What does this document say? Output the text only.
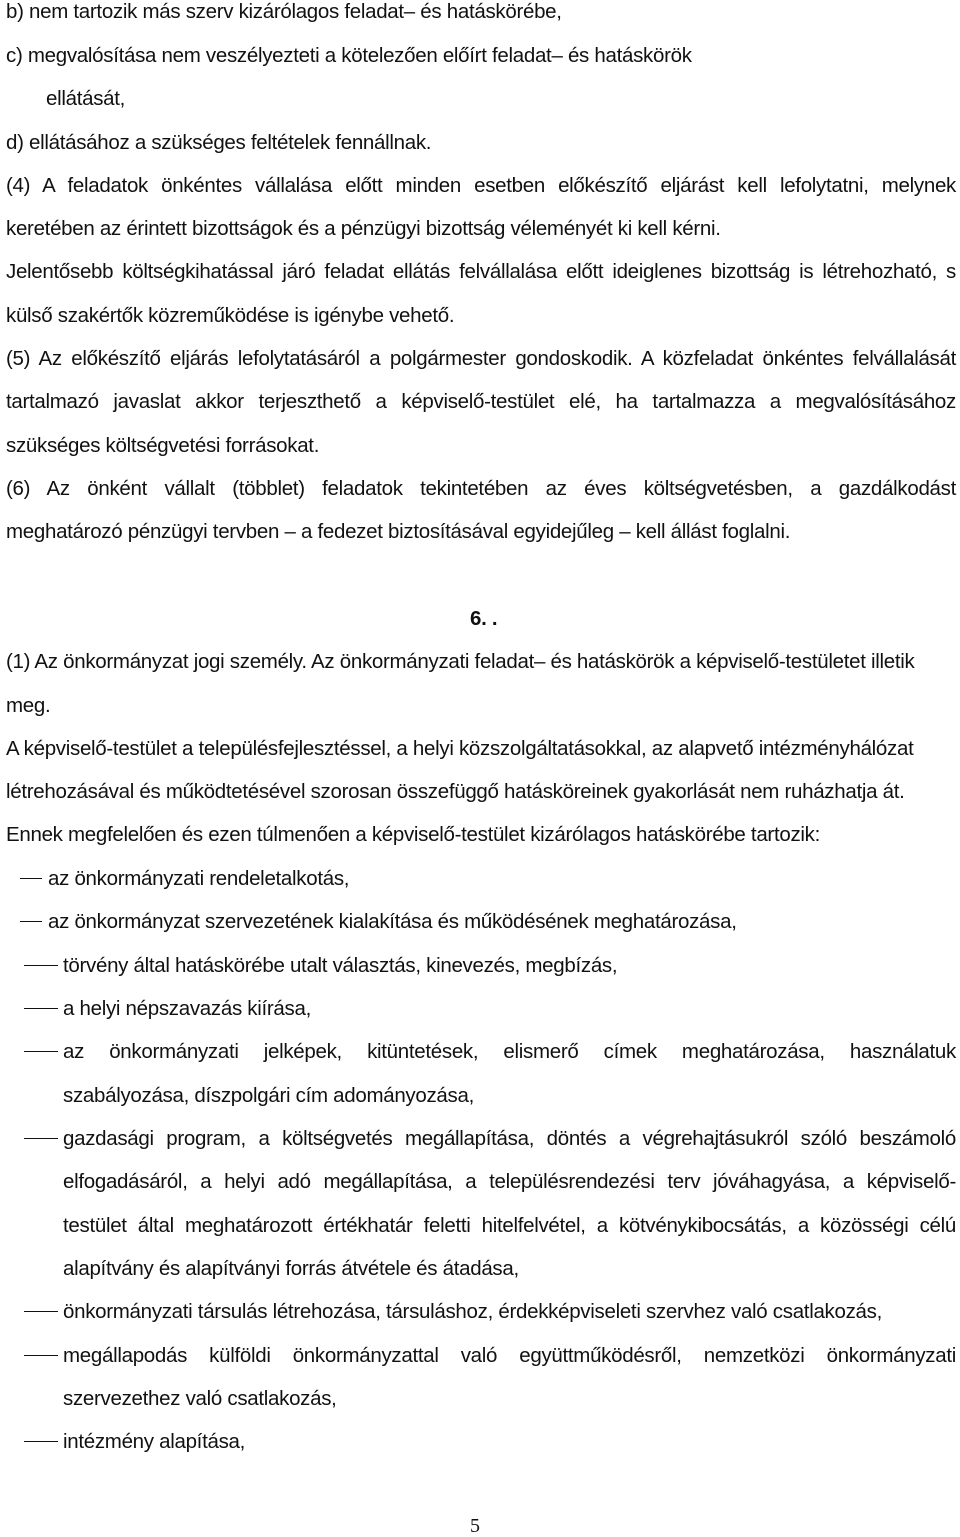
b) nem tartozik más szerv kizárólagos feladat– és hatáskörébe,
c) megvalósítása nem veszélyezteti a kötelezően előírt feladat– és hatáskörök
ellátását,
d) ellátásához a szükséges feltételek fennállnak.
(4) A feladatok önkéntes vállalása előtt minden esetben előkészítő eljárást kell lefolytatni, melynek
keretében az érintett bizottságok és a pénzügyi bizottság véleményét ki kell kérni.
Jelentősebb költségkihatással járó feladat ellátás felvállalása előtt ideiglenes bizottság is létrehozható, s
külső szakértők közreműködése is igénybe vehető.
(5) Az előkészítő eljárás lefolytatásáról a polgármester gondoskodik. A közfeladat önkéntes felvállalását
tartalmazó javaslat akkor terjeszthető a képviselő-testület elé, ha tartalmazza a megvalósításához
szükséges költségvetési forrásokat.
(6) Az önként vállalt (többlet) feladatok tekintetében az éves költségvetésben, a gazdálkodást
meghatározó pénzügyi tervben – a fedezet biztosításával egyidejűleg – kell állást foglalni.
6. .
(1) Az önkormányzat jogi személy. Az önkormányzati feladat– és hatáskörök a képviselő-testületet illetik
meg.
A képviselő-testület a településfejlesztéssel, a helyi közszolgáltatásokkal, az alapvető intézményhálózat
létrehozásával és működtetésével szorosan összefüggő hatásköreinek gyakorlását nem ruházhatja át.
Ennek megfelelően és ezen túlmenően a képviselő-testület kizárólagos hatáskörébe tartozik:
az önkormányzati rendeletalkotás,
az önkormányzat szervezetének kialakítása és működésének meghatározása,
törvény által hatáskörébe utalt választás, kinevezés, megbízás,
a helyi népszavazás kiírása,
az önkormányzati jelképek, kitüntetések, elismerő címek meghatározása, használatuk
szabályozása, díszpolgári cím adományozása,
gazdasági program, a költségvetés megállapítása, döntés a végrehajtásukról szóló beszámoló
elfogadásáról, a helyi adó megállapítása, a településrendezési terv jóváhagyása, a képviselő-
testület által meghatározott értékhatár feletti hitelfelvétel, a kötvénykibocsátás, a közösségi célú
alapítvány és alapítványi forrás átvétele és átadása,
önkormányzati társulás létrehozása, társuláshoz, érdekképviseleti szervhez való csatlakozás,
megállapodás külföldi önkormányzattal való együttműködésről, nemzetközi önkormányzati
szervezethez való csatlakozás,
intézmény alapítása,
5
